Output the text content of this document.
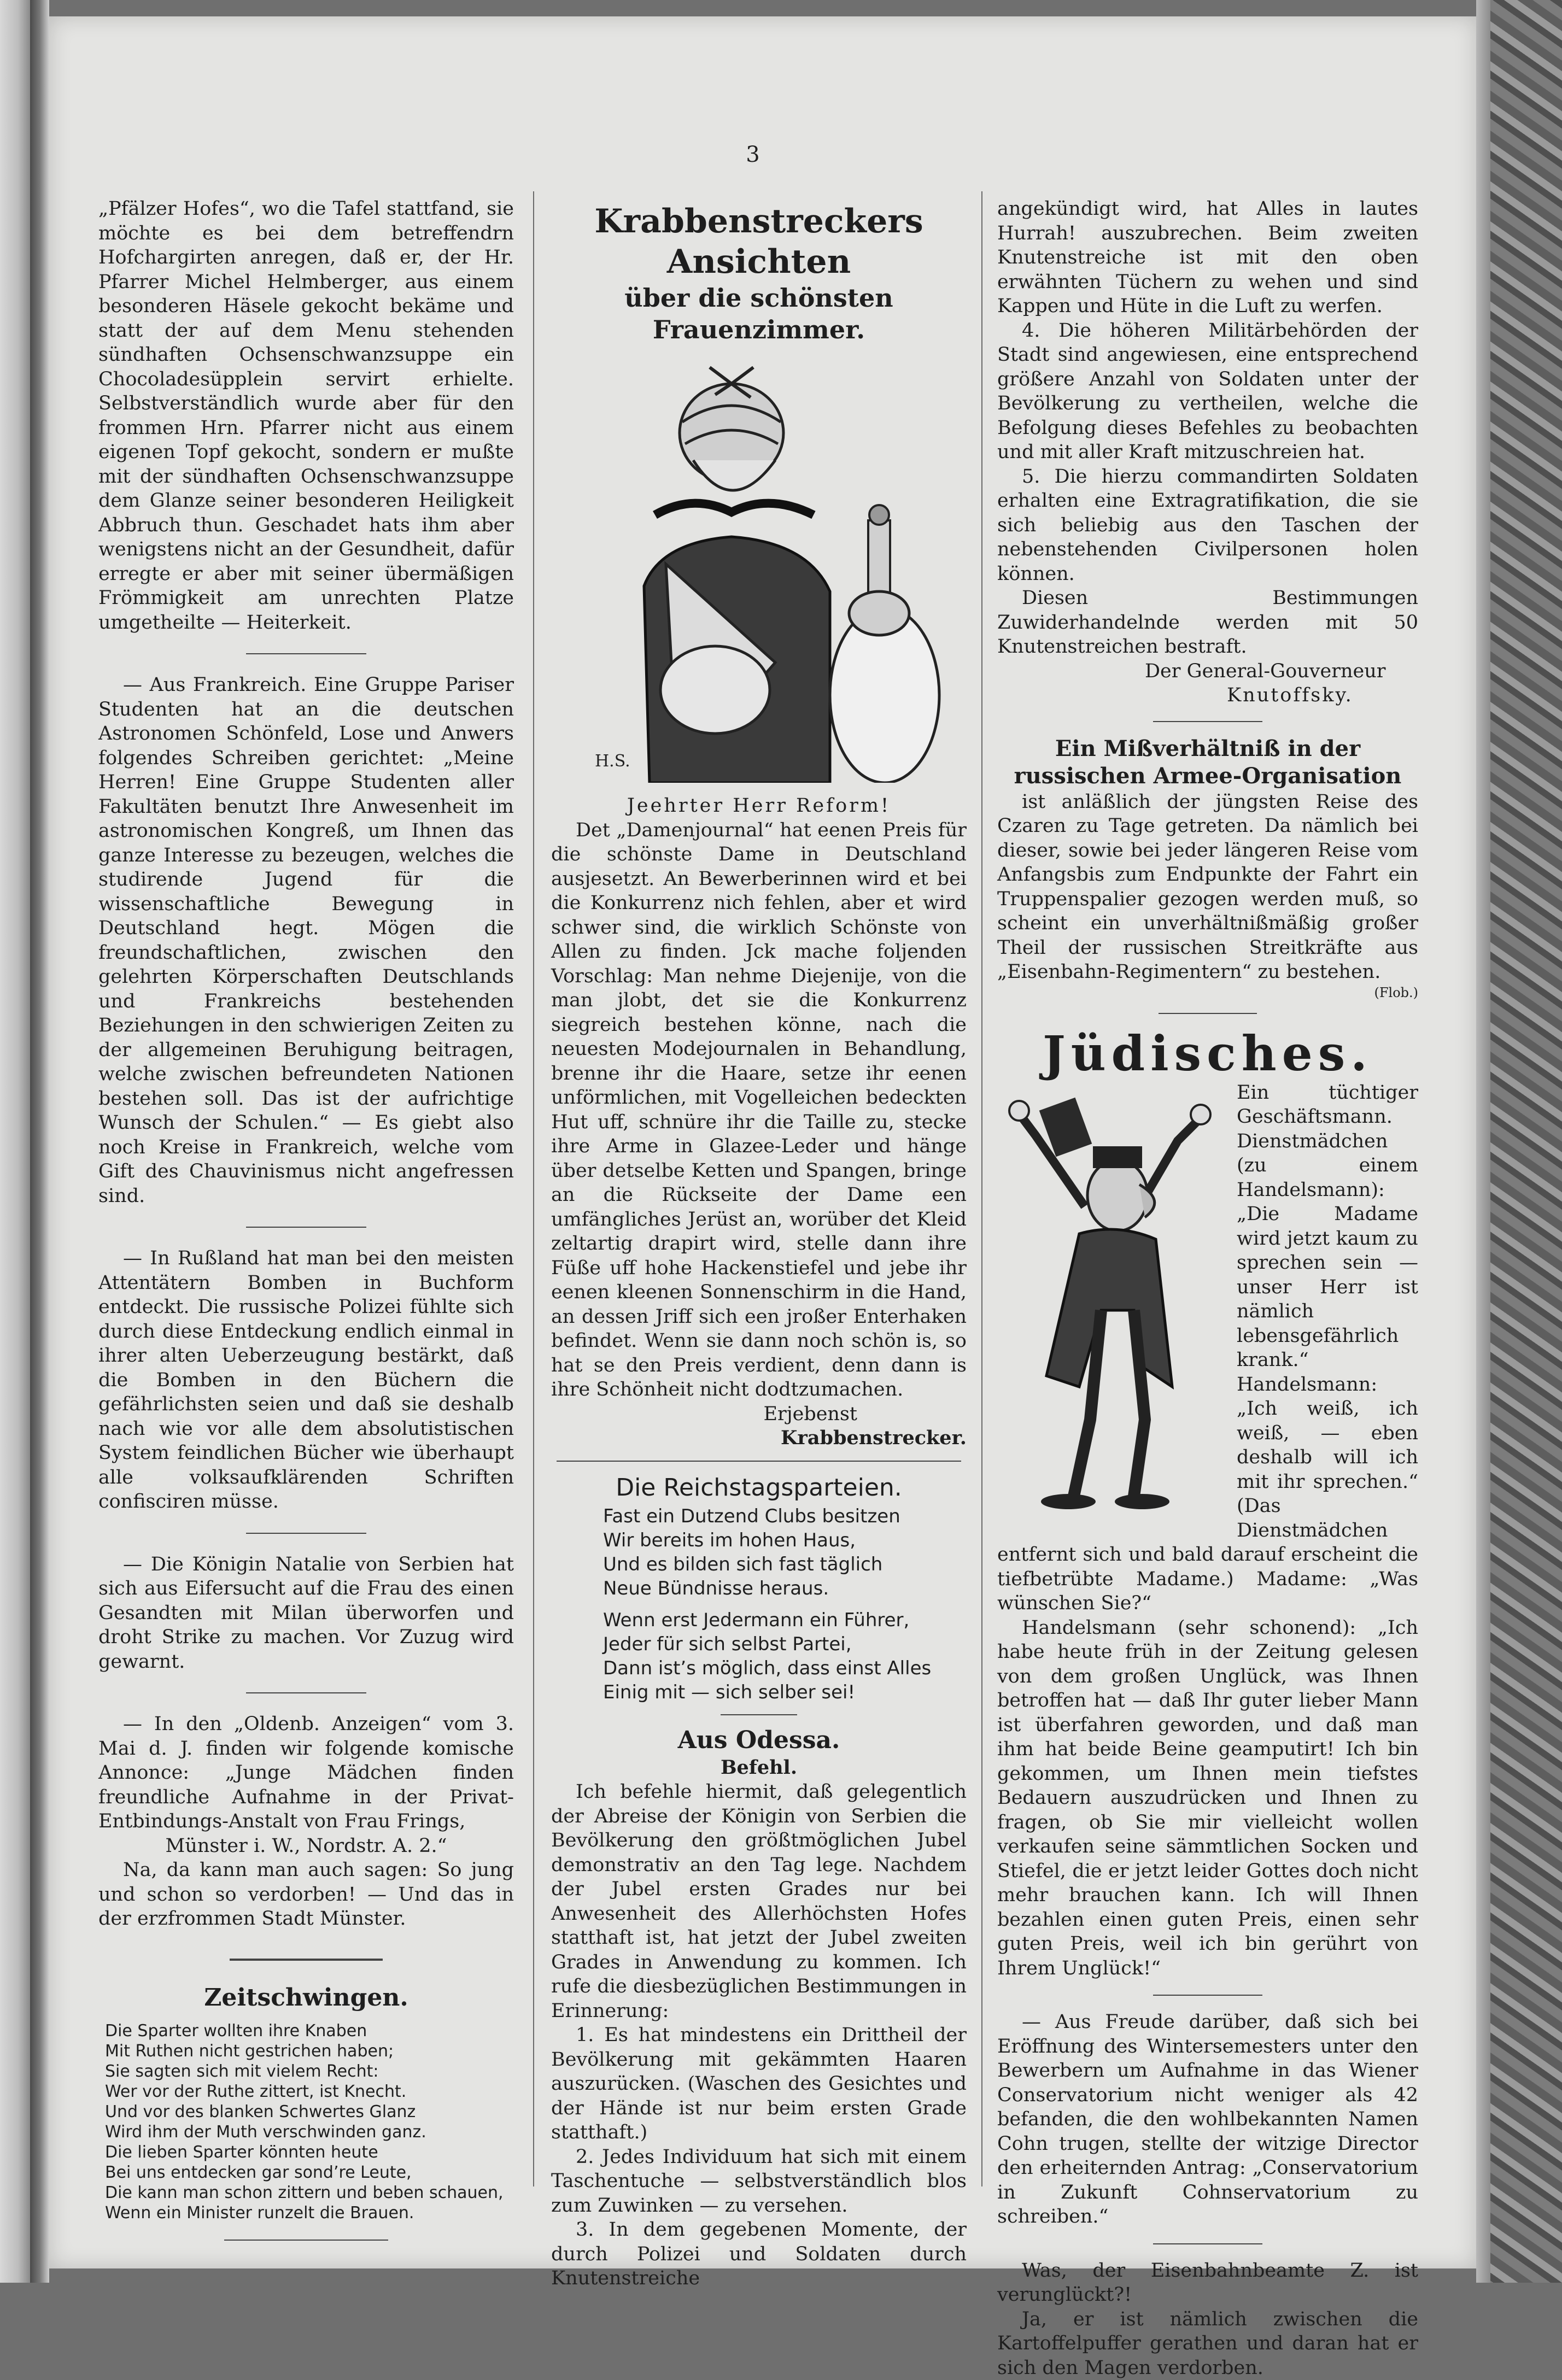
3

„Pfälzer Hofes“, wo die Tafel stattfand, sie möchte es bei dem betreffendrn Hofchargirten anregen, daß er, der Hr. Pfarrer Michel Helmberger, aus einem besonderen Häsele gekocht bekäme und statt der auf dem Menu stehenden sündhaften Ochsenschwanzsuppe ein Chocoladesüpplein servirt erhielte. Selbstverständlich wurde aber für den frommen Hrn. Pfarrer nicht aus einem eigenen Topf gekocht, sondern er mußte mit der sündhaften Ochsenschwanzsuppe dem Glanze seiner besonderen Heiligkeit Abbruch thun. Geschadet hats ihm aber wenigstens nicht an der Gesundheit, dafür erregte er aber mit seiner übermäßigen Frömmigkeit am unrechten Platze umgetheilte — Heiterkeit.

— Aus Frankreich. Eine Gruppe Pariser Studenten hat an die deutschen Astronomen Schönfeld, Lose und Anwers folgendes Schreiben gerichtet: „Meine Herren! Eine Gruppe Studenten aller Fakultäten benutzt Ihre Anwesenheit im astronomischen Kongreß, um Ihnen das ganze Interesse zu bezeugen, welches die studirende Jugend für die wissenschaftliche Bewegung in Deutschland hegt. Mögen die freundschaftlichen, zwischen den gelehrten Körperschaften Deutschlands und Frankreichs bestehenden Beziehungen in den schwierigen Zeiten zu der allgemeinen Beruhigung beitragen, welche zwischen befreundeten Nationen bestehen soll. Das ist der aufrichtige Wunsch der Schulen.“ — Es giebt also noch Kreise in Frankreich, welche vom Gift des Chauvinismus nicht angefressen sind.

— In Rußland hat man bei den meisten Attentätern Bomben in Buchform entdeckt. Die russische Polizei fühlte sich durch diese Entdeckung endlich einmal in ihrer alten Ueberzeugung bestärkt, daß die Bomben in den Büchern die gefährlichsten seien und daß sie deshalb nach wie vor alle dem absolutistischen System feindlichen Bücher wie überhaupt alle volksaufklärenden Schriften confisciren müsse.

— Die Königin Natalie von Serbien hat sich aus Eifersucht auf die Frau des einen Gesandten mit Milan überworfen und droht Strike zu machen. Vor Zuzug wird gewarnt.

— In den „Oldenb. Anzeigen“ vom 3. Mai d. J. finden wir folgende komische Annonce: „Junge Mädchen finden freundliche Aufnahme in der Privat-Entbindungs-Anstalt von Frau Frings,

Münster i. W., Nordstr. A. 2.“

Na, da kann man auch sagen: So jung und schon so verdorben! — Und das in der erzfrommen Stadt Münster.

Zeitschwingen.

Die Sparter wollten ihre Knaben
Mit Ruthen nicht gestrichen haben;
Sie sagten sich mit vielem Recht:
Wer vor der Ruthe zittert, ist Knecht.
Und vor des blanken Schwertes Glanz
Wird ihm der Muth verschwinden ganz.
Die lieben Sparter könnten heute
Bei uns entdecken gar sond’re Leute,
Die kann man schon zittern und beben schauen,
Wenn ein Minister runzelt die Brauen.
Krabbenstreckers Ansichten
über die schönsten Frauenzimmer.
H.S.

Jeehrter Herr Reform!

Det „Damenjournal“ hat eenen Preis für die schönste Dame in Deutschland ausjesetzt. An Bewerberinnen wird et bei die Konkurrenz nich fehlen, aber et wird schwer sind, die wirklich Schönste von Allen zu finden. Jck mache foljenden Vorschlag: Man nehme Diejenije, von die man jlobt, det sie die Konkurrenz siegreich bestehen könne, nach die neuesten Modejournalen in Behandlung, brenne ihr die Haare, setze ihr eenen unförmlichen, mit Vogelleichen bedeckten Hut uff, schnüre ihr die Taille zu, stecke ihre Arme in Glazee-Leder und hänge über detselbe Ketten und Spangen, bringe an die Rückseite der Dame een umfängliches Jerüst an, worüber det Kleid zeltartig drapirt wird, stelle dann ihre Füße uff hohe Hackenstiefel und jebe ihr eenen kleenen Sonnenschirm in die Hand, an dessen Jriff sich een jroßer Enterhaken befindet. Wenn sie dann noch schön is, so hat se den Preis verdient, denn dann is ihre Schönheit nicht dodtzumachen.

Erjebenst

Krabbenstrecker.

Die Reichstagsparteien.

Fast ein Dutzend Clubs besitzen
Wir bereits im hohen Haus,
Und es bilden sich fast täglich
Neue Bündnisse heraus.
Wenn erst Jedermann ein Führer,
Jeder für sich selbst Partei,
Dann ist’s möglich, dass einst Alles
Einig mit — sich selber sei!

Aus Odessa.

Befehl.

Ich befehle hiermit, daß gelegentlich der Abreise der Königin von Serbien die Bevölkerung den größtmöglichen Jubel demonstrativ an den Tag lege. Nachdem der Jubel ersten Grades nur bei Anwesenheit des Allerhöchsten Hofes statthaft ist, hat jetzt der Jubel zweiten Grades in Anwendung zu kommen. Ich rufe die diesbezüglichen Bestimmungen in Erinnerung:

1. Es hat mindestens ein Drittheil der Bevölkerung mit gekämmten Haaren auszurücken. (Waschen des Gesichtes und der Hände ist nur beim ersten Grade statthaft.)

2. Jedes Individuum hat sich mit einem Taschentuche — selbstverständlich blos zum Zuwinken — zu versehen.

3. In dem gegebenen Momente, der durch Polizei und Soldaten durch Knutenstreiche

angekündigt wird, hat Alles in lautes Hurrah! auszubrechen. Beim zweiten Knutenstreiche ist mit den oben erwähnten Tüchern zu wehen und sind Kappen und Hüte in die Luft zu werfen.

4. Die höheren Militärbehörden der Stadt sind angewiesen, eine entsprechend größere Anzahl von Soldaten unter der Bevölkerung zu vertheilen, welche die Befolgung dieses Befehles zu beobachten und mit aller Kraft mitzuschreien hat.

5. Die hierzu commandirten Soldaten erhalten eine Extragratifikation, die sie sich beliebig aus den Taschen der nebenstehenden Civilpersonen holen können.

Diesen Bestimmungen Zuwiderhandelnde werden mit 50 Knutenstreichen bestraft.

Der General-Gouverneur

Knutoffsky.

Ein Mißverhältniß in der russischen Armee-Organisation

ist anläßlich der jüngsten Reise des Czaren zu Tage getreten. Da nämlich bei dieser, sowie bei jeder längeren Reise vom Anfangsbis zum Endpunkte der Fahrt ein Truppenspalier gezogen werden muß, so scheint ein unverhältnißmäßig großer Theil der russischen Streitkräfte aus „Eisenbahn-Regimentern“ zu bestehen.

(Flob.)

Jüdisches.

Ein tüchtiger Geschäftsmann. Dienstmädchen (zu einem Handelsmann): „Die Madame wird jetzt kaum zu sprechen sein — unser Herr ist nämlich lebensgefährlich krank.“ Handelsmann: „Ich weiß, ich weiß, — eben deshalb will ich mit ihr sprechen.“ (Das Dienstmädchen entfernt sich und bald darauf erscheint die tiefbetrübte Madame.) Madame: „Was wünschen Sie?“

Handelsmann (sehr schonend): „Ich habe heute früh in der Zeitung gelesen von dem großen Unglück, was Ihnen betroffen hat — daß Ihr guter lieber Mann ist überfahren geworden, und daß man ihm hat beide Beine geamputirt! Ich bin gekommen, um Ihnen mein tiefstes Bedauern auszudrücken und Ihnen zu fragen, ob Sie mir vielleicht wollen verkaufen seine sämmtlichen Socken und Stiefel, die er jetzt leider Gottes doch nicht mehr brauchen kann. Ich will Ihnen bezahlen einen guten Preis, einen sehr guten Preis, weil ich bin gerührt von Ihrem Unglück!“

— Aus Freude darüber, daß sich bei Eröffnung des Wintersemesters unter den Bewerbern um Aufnahme in das Wiener Conservatorium nicht weniger als 42 befanden, die den wohlbekannten Namen Cohn trugen, stellte der witzige Director den erheiternden Antrag: „Conservatorium in Zukunft Cohnservatorium zu schreiben.“

Was, der Eisenbahnbeamte Z. ist verunglückt?!

Ja, er ist nämlich zwischen die Kartoffelpuffer gerathen und daran hat er sich den Magen verdorben.
